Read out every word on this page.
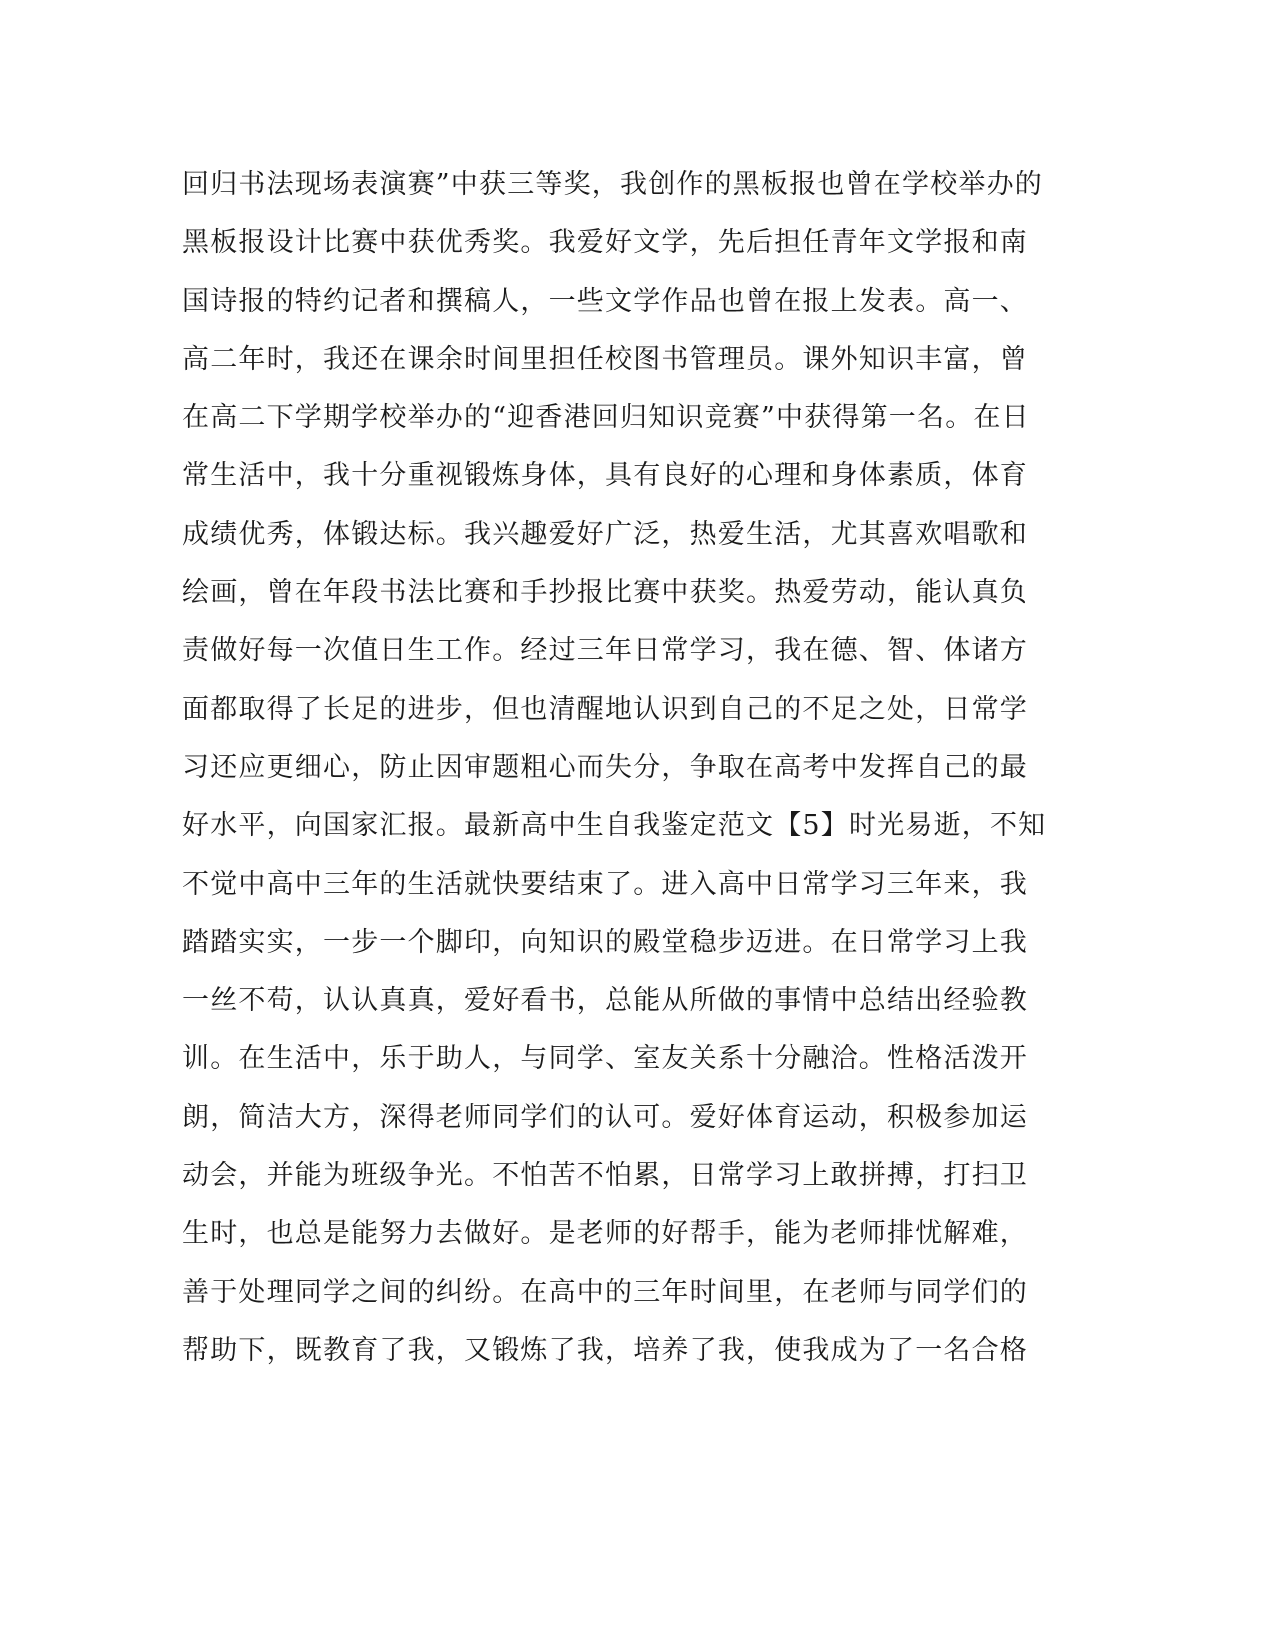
回归书法现场表演赛”中获三等奖，我创作的黑板报也曾在学校举办的
黑板报设计比赛中获优秀奖。我爱好文学，先后担任青年文学报和南
国诗报的特约记者和撰稿人，一些文学作品也曾在报上发表。高一、
高二年时，我还在课余时间里担任校图书管理员。课外知识丰富，曾
在高二下学期学校举办的“迎香港回归知识竞赛”中获得第一名。在日
常生活中，我十分重视锻炼身体，具有良好的心理和身体素质，体育
成绩优秀，体锻达标。我兴趣爱好广泛，热爱生活，尤其喜欢唱歌和
绘画，曾在年段书法比赛和手抄报比赛中获奖。热爱劳动，能认真负
责做好每一次值日生工作。经过三年日常学习，我在德、智、体诸方
面都取得了长足的进步，但也清醒地认识到自己的不足之处，日常学
习还应更细心，防止因审题粗心而失分，争取在高考中发挥自己的最
好水平，向国家汇报。最新高中生自我鉴定范文【5】时光易逝，不知
不觉中高中三年的生活就快要结束了。进入高中日常学习三年来，我
踏踏实实，一步一个脚印，向知识的殿堂稳步迈进。在日常学习上我
一丝不苟，认认真真，爱好看书，总能从所做的事情中总结出经验教
训。在生活中，乐于助人，与同学、室友关系十分融洽。性格活泼开
朗，简洁大方，深得老师同学们的认可。爱好体育运动，积极参加运
动会，并能为班级争光。不怕苦不怕累，日常学习上敢拼搏，打扫卫
生时，也总是能努力去做好。是老师的好帮手，能为老师排忧解难，
善于处理同学之间的纠纷。在高中的三年时间里，在老师与同学们的
帮助下，既教育了我，又锻炼了我，培养了我，使我成为了一名合格
